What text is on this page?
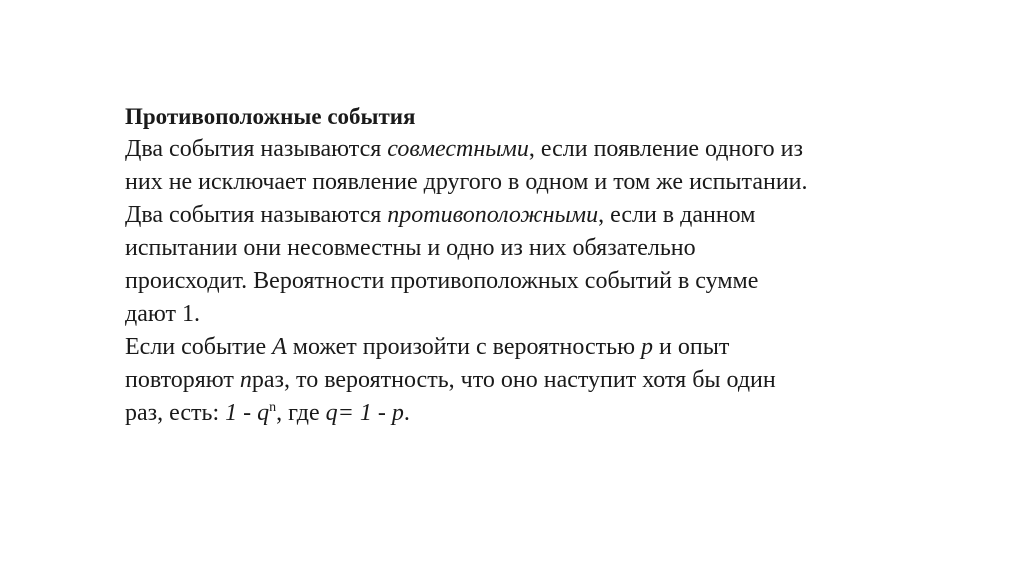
Противоположные события
Два события называются совместными, если появление одного из
них не исключает появление другого в одном и том же испытании.
Два события называются противоположными, если в данном
испытании они несовместны и одно из них обязательно
происходит. Вероятности противоположных событий в сумме
дают 1.
Если событие A может произойти с вероятностью p и опыт
повторяют nраз, то вероятность, что оно наступит хотя бы один
раз, есть: $1 - q^n$, где q= 1 - p.
